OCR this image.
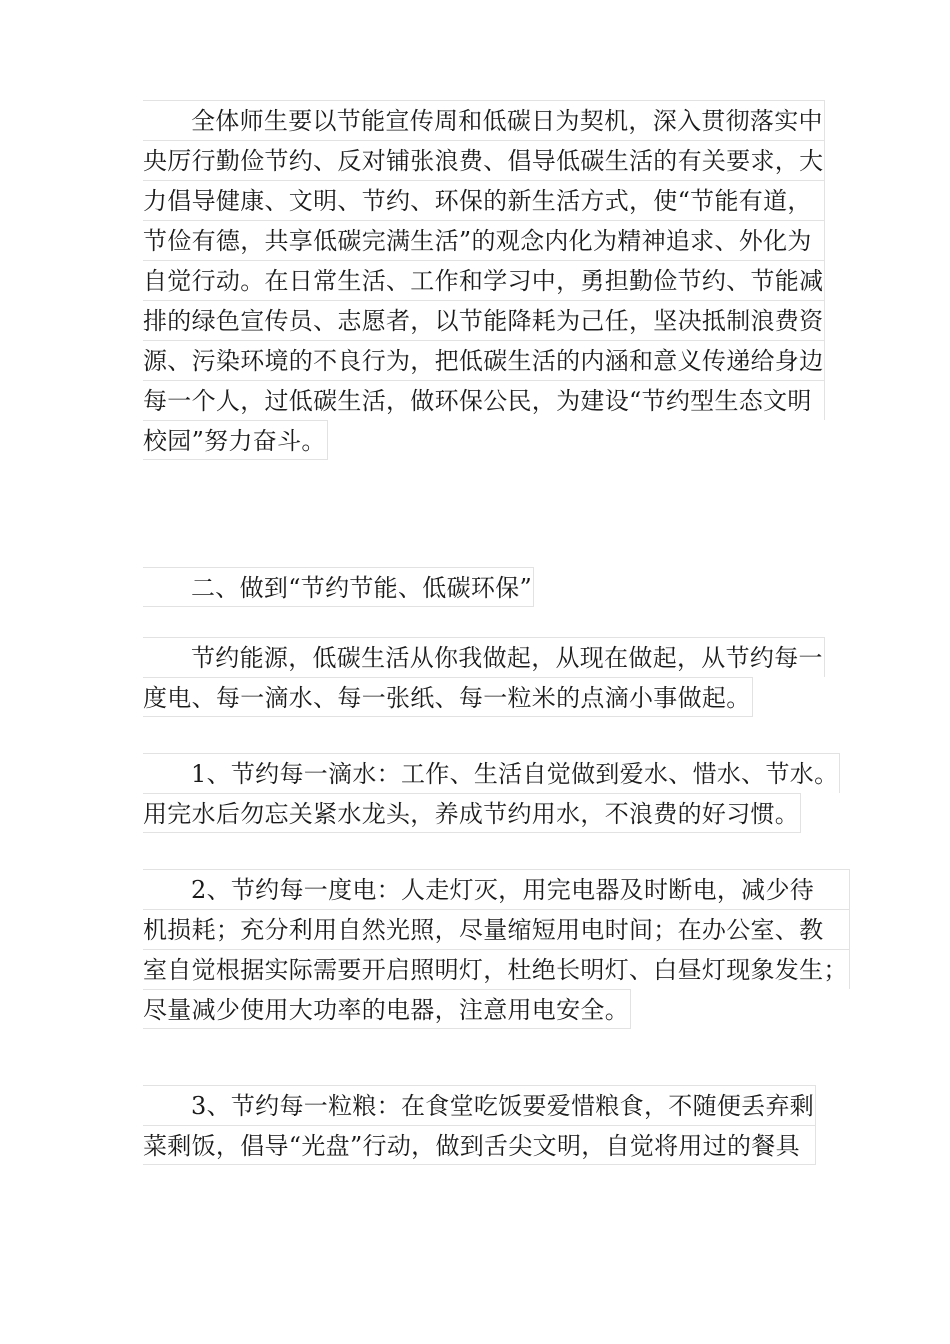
全体师生要以节能宣传周和低碳日为契机，深入贯彻落实中
央厉行勤俭节约、反对铺张浪费、倡导低碳生活的有关要求，大
力倡导健康、文明、节约、环保的新生活方式，使“节能有道，
节俭有德，共享低碳完满生活”的观念内化为精神追求、外化为
自觉行动。在日常生活、工作和学习中，勇担勤俭节约、节能减
排的绿色宣传员、志愿者，以节能降耗为己任，坚决抵制浪费资
源、污染环境的不良行为，把低碳生活的内涵和意义传递给身边
每一个人，过低碳生活，做环保公民，为建设“节约型生态文明
校园”努力奋斗。
二、做到“节约节能、低碳环保”
节约能源，低碳生活从你我做起，从现在做起，从节约每一
度电、每一滴水、每一张纸、每一粒米的点滴小事做起。
1、节约每一滴水：工作、生活自觉做到爱水、惜水、节水。
用完水后勿忘关紧水龙头，养成节约用水，不浪费的好习惯。
2、节约每一度电：人走灯灭，用完电器及时断电，减少待
机损耗；充分利用自然光照，尽量缩短用电时间；在办公室、教
室自觉根据实际需要开启照明灯，杜绝长明灯、白昼灯现象发生；
尽量减少使用大功率的电器，注意用电安全。
3、节约每一粒粮：在食堂吃饭要爱惜粮食，不随便丢弃剩
菜剩饭，倡导“光盘”行动，做到舌尖文明，自觉将用过的餐具
